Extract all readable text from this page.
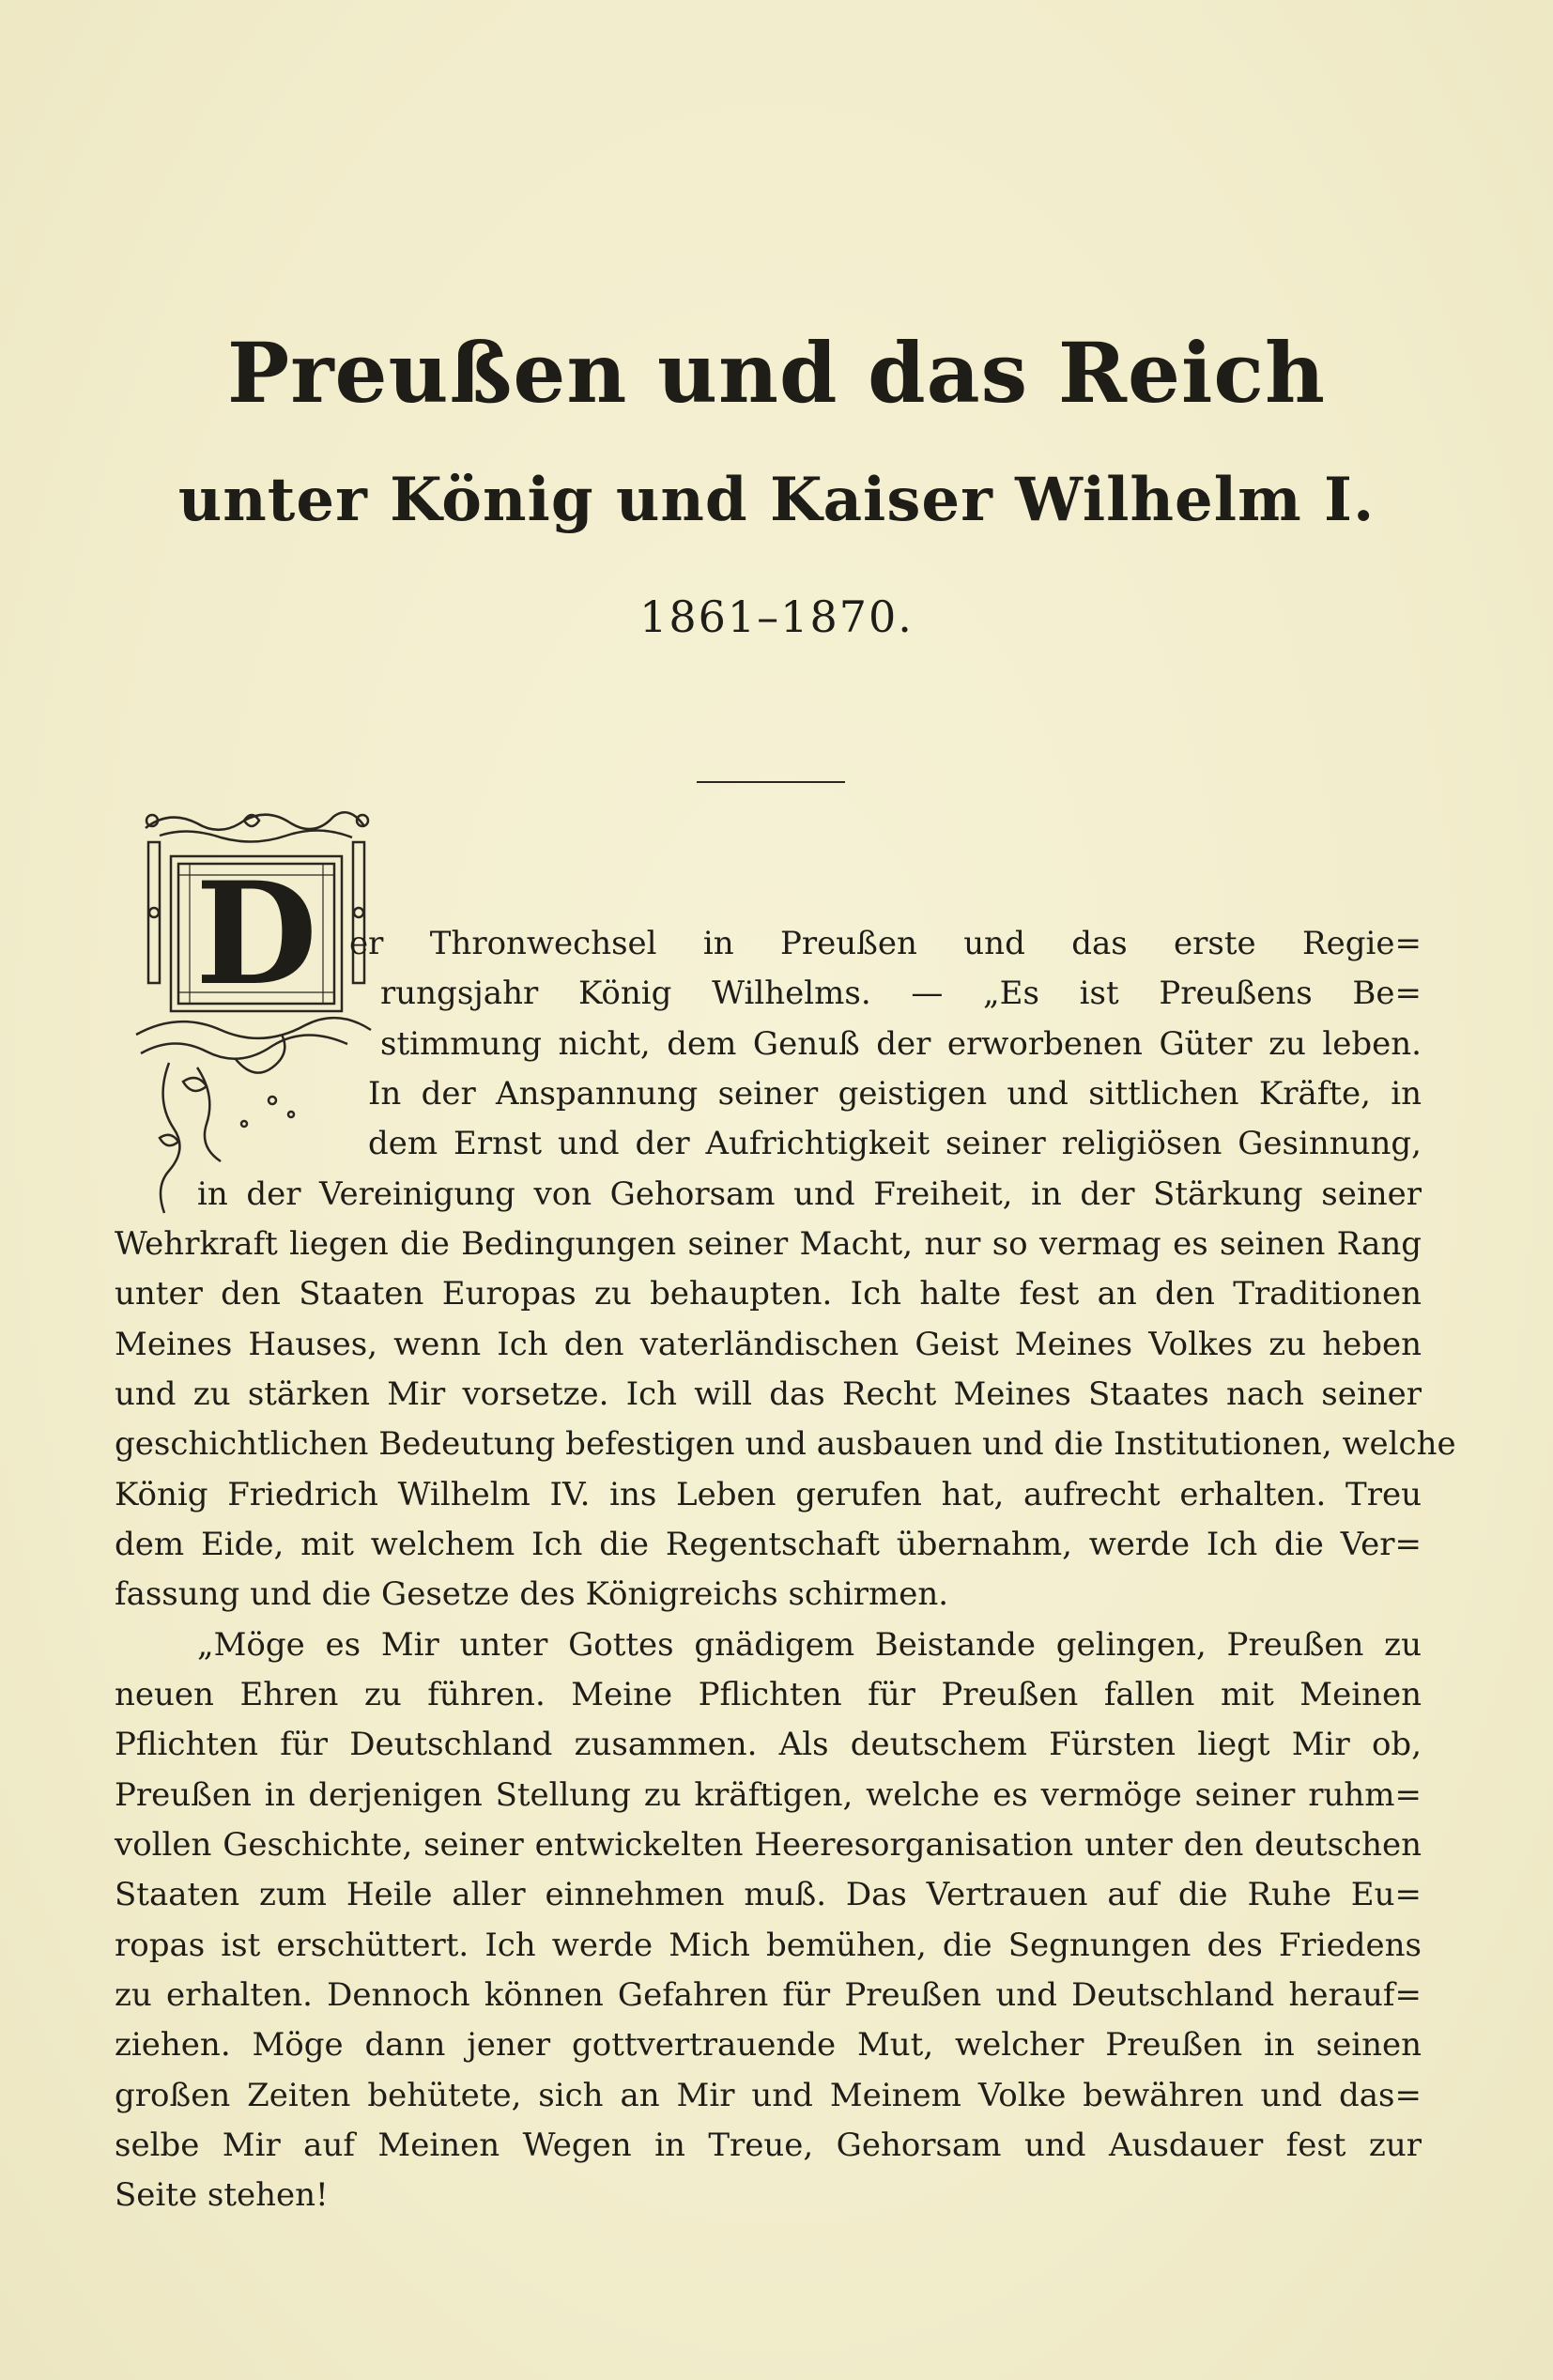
Preußen und das Reich
unter König und Kaiser Wilhelm I.
1861–1870.
D er Thronwechsel in Preußen und das erste Regie=
rungsjahr König Wilhelms. — „Es ist Preußens Be=
stimmung nicht, dem Genuß der erworbenen Güter zu leben.
In der Anspannung seiner geistigen und sittlichen Kräfte, in
dem Ernst und der Aufrichtigkeit seiner religiösen Gesinnung,
in der Vereinigung von Gehorsam und Freiheit, in der Stärkung seiner
Wehrkraft liegen die Bedingungen seiner Macht, nur so vermag es seinen Rang
unter den Staaten Europas zu behaupten. Ich halte fest an den Traditionen
Meines Hauses, wenn Ich den vaterländischen Geist Meines Volkes zu heben
und zu stärken Mir vorsetze. Ich will das Recht Meines Staates nach seiner
geschichtlichen Bedeutung befestigen und ausbauen und die Institutionen, welche
König Friedrich Wilhelm IV. ins Leben gerufen hat, aufrecht erhalten. Treu
dem Eide, mit welchem Ich die Regentschaft übernahm, werde Ich die Ver=
fassung und die Gesetze des Königreichs schirmen.
„Möge es Mir unter Gottes gnädigem Beistande gelingen, Preußen zu
neuen Ehren zu führen. Meine Pflichten für Preußen fallen mit Meinen
Pflichten für Deutschland zusammen. Als deutschem Fürsten liegt Mir ob,
Preußen in derjenigen Stellung zu kräftigen, welche es vermöge seiner ruhm=
vollen Geschichte, seiner entwickelten Heeresorganisation unter den deutschen
Staaten zum Heile aller einnehmen muß. Das Vertrauen auf die Ruhe Eu=
ropas ist erschüttert. Ich werde Mich bemühen, die Segnungen des Friedens
zu erhalten. Dennoch können Gefahren für Preußen und Deutschland herauf=
ziehen. Möge dann jener gottvertrauende Mut, welcher Preußen in seinen
großen Zeiten behütete, sich an Mir und Meinem Volke bewähren und das=
selbe Mir auf Meinen Wegen in Treue, Gehorsam und Ausdauer fest zur
Seite stehen!
